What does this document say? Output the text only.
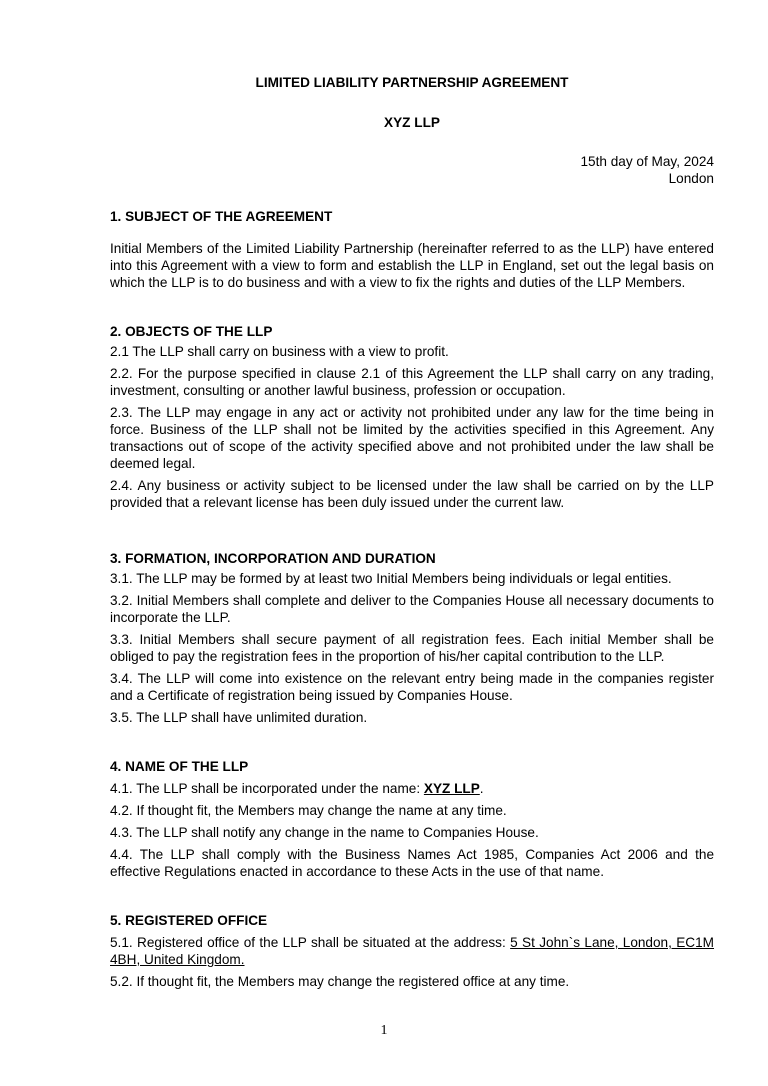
LIMITED LIABILITY PARTNERSHIP AGREEMENT
XYZ LLP
15th day of May, 2024
London
1. SUBJECT OF THE AGREEMENT

Initial Members of the Limited Liability Partnership (hereinafter referred to as the LLP) have entered into this Agreement with a view to form and establish the LLP in England, set out the legal basis on which the LLP is to do business and with a view to fix the rights and duties of the LLP Members.

2. OBJECTS OF THE LLP

2.1 The LLP shall carry on business with a view to profit.

2.2. For the purpose specified in clause 2.1 of this Agreement the LLP shall carry on any trading, investment, consulting or another lawful business, profession or occupation.

2.3. The LLP may engage in any act or activity not prohibited under any law for the time being in force. Business of the LLP shall not be limited by the activities specified in this Agreement. Any transactions out of scope of the activity specified above and not prohibited under the law shall be deemed legal.

2.4. Any business or activity subject to be licensed under the law shall be carried on by the LLP provided that a relevant license has been duly issued under the current law.

3. FORMATION, INCORPORATION AND DURATION

3.1. The LLP may be formed by at least two Initial Members being individuals or legal entities.

3.2. Initial Members shall complete and deliver to the Companies House all necessary documents to incorporate the LLP.

3.3. Initial Members shall secure payment of all registration fees. Each initial Member shall be obliged to pay the registration fees in the proportion of his/her capital contribution to the LLP.

3.4. The LLP will come into existence on the relevant entry being made in the companies register and a Certificate of registration being issued by Companies House.

3.5. The LLP shall have unlimited duration.

4. NAME OF THE LLP

4.1. The LLP shall be incorporated under the name: XYZ LLP.

4.2. If thought fit, the Members may change the name at any time.

4.3. The LLP shall notify any change in the name to Companies House.

4.4. The LLP shall comply with the Business Names Act 1985, Companies Act 2006 and the effective Regulations enacted in accordance to these Acts in the use of that name.

5. REGISTERED OFFICE

5.1. Registered office of the LLP shall be situated at the address: 5 St John`s Lane, London, EC1M 4BH, United Kingdom.

5.2. If thought fit, the Members may change the registered office at any time.

1
